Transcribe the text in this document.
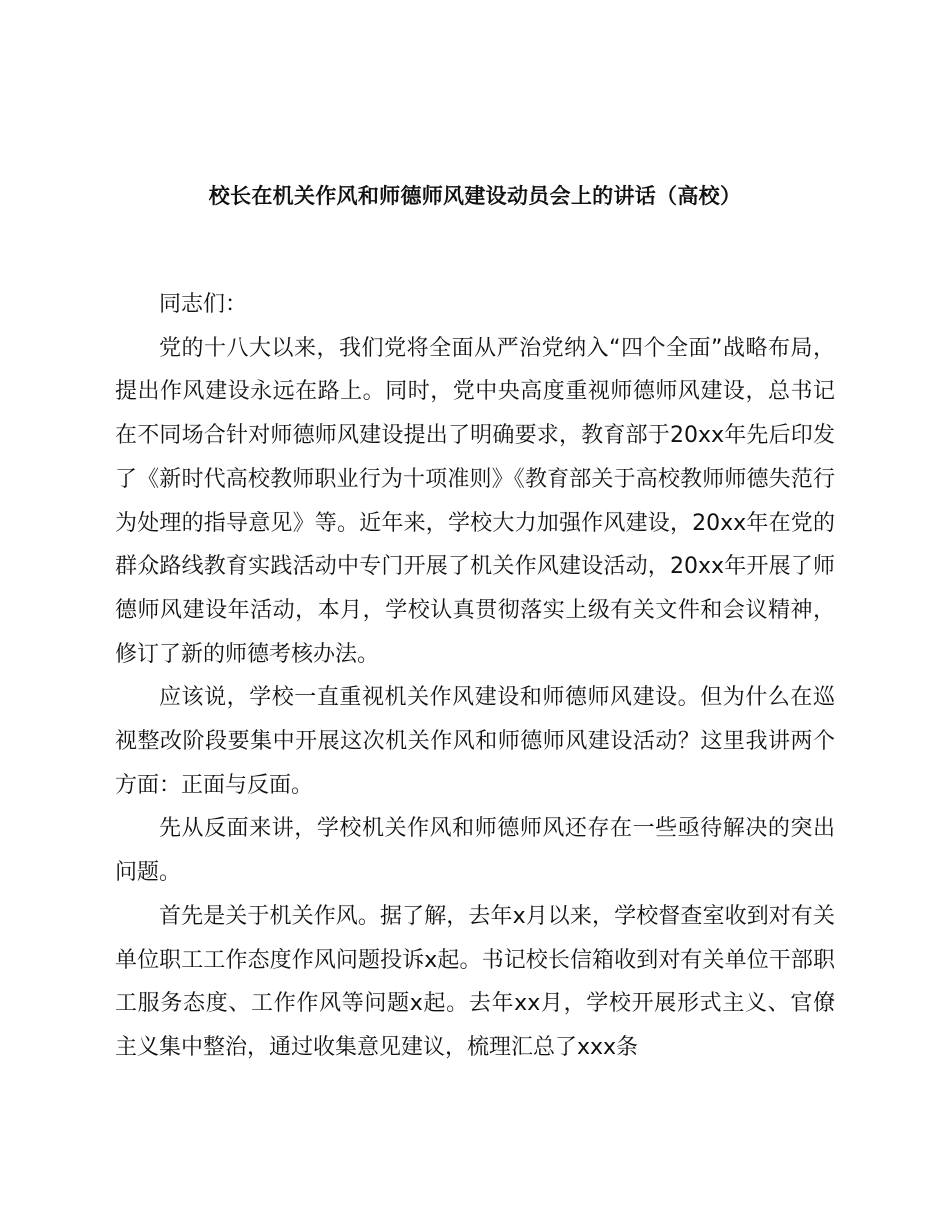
校长在机关作风和师德师风建设动员会上的讲话（高校）

同志们：

党的十八大以来，我们党将全面从严治党纳入“四个全面”战略布局，提出作风建设永远在路上。同时，党中央高度重视师德师风建设，总书记在不同场合针对师德师风建设提出了明确要求，教育部于20xx年先后印发了《新时代高校教师职业行为十项准则》《教育部关于高校教师师德失范行为处理的指导意见》等。近年来，学校大力加强作风建设，20xx年在党的群众路线教育实践活动中专门开展了机关作风建设活动，20xx年开展了师德师风建设年活动，本月，学校认真贯彻落实上级有关文件和会议精神，修订了新的师德考核办法。

应该说，学校一直重视机关作风建设和师德师风建设。但为什么在巡视整改阶段要集中开展这次机关作风和师德师风建设活动？这里我讲两个方面：正面与反面。

先从反面来讲，学校机关作风和师德师风还存在一些亟待解决的突出问题。

首先是关于机关作风。据了解，去年x月以来，学校督查室收到对有关单位职工工作态度作风问题投诉x起。书记校长信箱收到对有关单位干部职工服务态度、工作作风等问题x起。去年xx月，学校开展形式主义、官僚主义集中整治，通过收集意见建议，梳理汇总了xxx条
